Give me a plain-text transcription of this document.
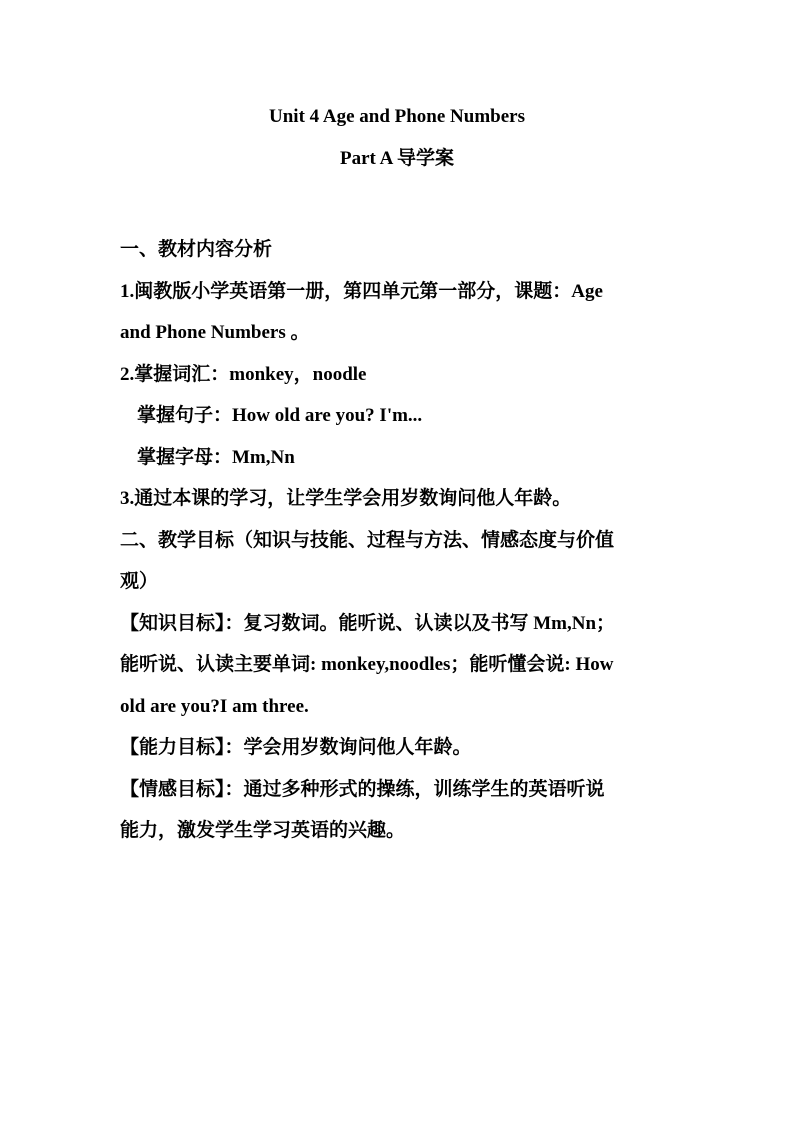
Unit 4 Age and Phone Numbers
Part A 导学案
一、教材内容分析
1.闽教版小学英语第一册，第四单元第一部分，课题：Age
and Phone Numbers 。
2.掌握词汇：monkey，noodle
掌握句子：How old are you? I'm...
掌握字母：Mm,Nn
3.通过本课的学习，让学生学会用岁数询问他人年龄。
二、教学目标（知识与技能、过程与方法、情感态度与价值
观）
【知识目标】：复习数词。能听说、认读以及书写 Mm,Nn；
能听说、认读主要单词: monkey,noodles；能听懂会说: How
old are you?I am three.
【能力目标】：学会用岁数询问他人年龄。
【情感目标】：通过多种形式的操练，训练学生的英语听说
能力，激发学生学习英语的兴趣。
